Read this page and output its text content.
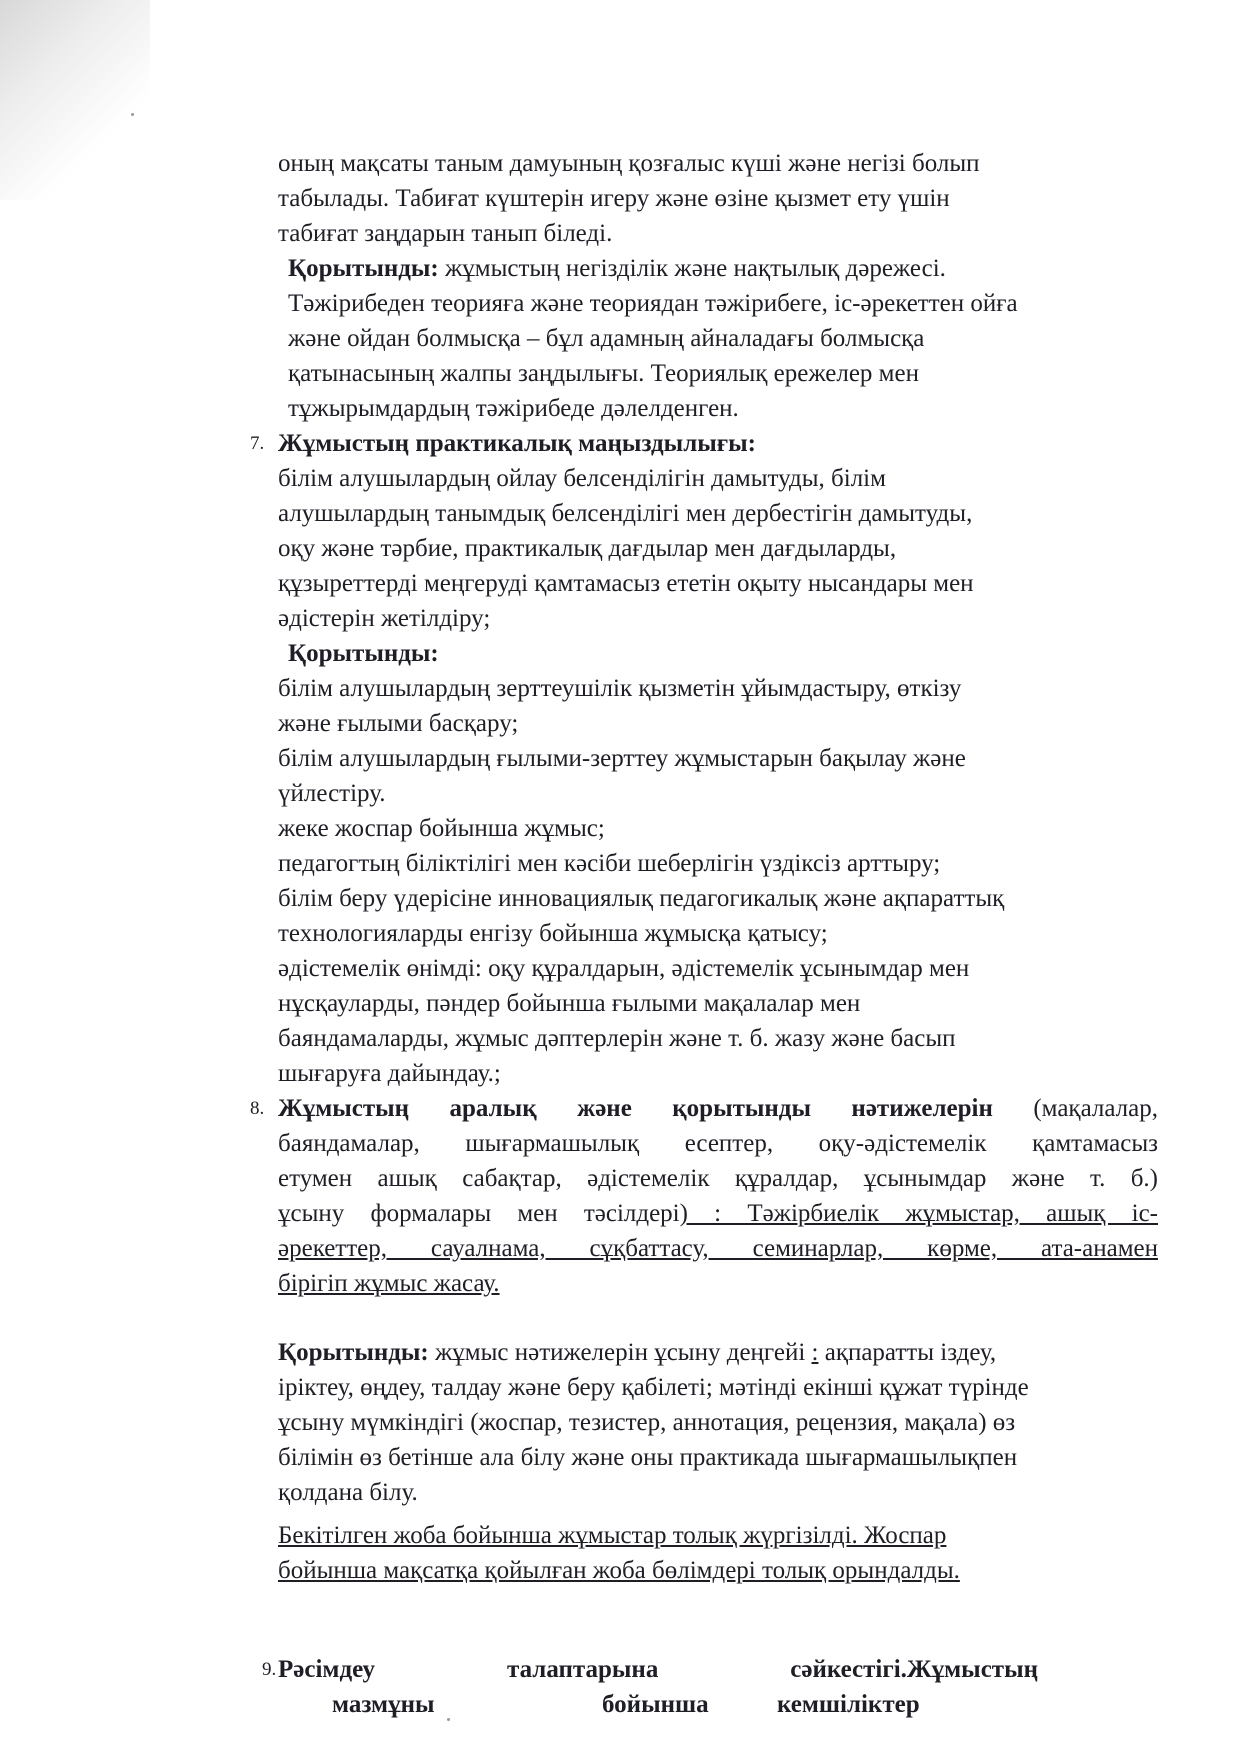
оның мақсаты таным дамуының қозғалыс күші және негізі болып

табылады. Табиғат күштерін игеру және өзіне қызмет ету үшін

табиғат заңдарын танып біледі.

Қорытынды: жұмыстың негізділік және нақтылық дәрежесі.

Тәжірибеден теорияға және теориядан тәжірибеге, іс-әрекеттен ойға

және ойдан болмысқа – бұл адамның айналадағы болмысқа

қатынасының жалпы заңдылығы. Теориялық ережелер мен

тұжырымдардың тәжірибеде дәлелденген.

7. Жұмыстың практикалық маңыздылығы:

білім алушылардың ойлау белсенділігін дамытуды, білім

алушылардың танымдық белсенділігі мен дербестігін дамытуды,

оқу және тәрбие, практикалық дағдылар мен дағдыларды,

құзыреттерді меңгеруді қамтамасыз ететін оқыту нысандары мен

әдістерін жетілдіру;

Қорытынды:

білім алушылардың зерттеушілік қызметін ұйымдастыру, өткізу

және ғылыми басқару;

білім алушылардың ғылыми-зерттеу жұмыстарын бақылау және

үйлестіру.

жеке жоспар бойынша жұмыс;

педагогтың біліктілігі мен кәсіби шеберлігін үздіксіз арттыру;

білім беру үдерісіне инновациялық педагогикалық және ақпараттық

технологияларды енгізу бойынша жұмысқа қатысу;

әдістемелік өнімді: оқу құралдарын, әдістемелік ұсынымдар мен

нұсқауларды, пәндер бойынша ғылыми мақалалар мен

баяндамаларды, жұмыс дәптерлерін және т. б. жазу және басып

шығаруға дайындау.;

8. Жұмыстың аралық және қорытынды нәтижелерін (мақалалар,

баяндамалар, шығармашылық есептер, оқу-әдістемелік қамтамасыз

етумен ашық сабақтар, әдістемелік құралдар, ұсынымдар және т. б.)

ұсыну формалары мен тәсілдері) : Тәжірбиелік жұмыстар, ашық іс-

әрекеттер, сауалнама, сұқбаттасу, семинарлар, көрме, ата-анамен

бірігіп жұмыс жасау.

Қорытынды: жұмыс нәтижелерін ұсыну деңгейі : ақпаратты іздеу,

іріктеу, өңдеу, талдау және беру қабілеті; мәтінді екінші құжат түрінде

ұсыну мүмкіндігі (жоспар, тезистер, аннотация, рецензия, мақала) өз

білімін өз бетінше ала білу және оны практикада шығармашылықпен

қолдана білу.

Бекітілген жоба бойынша жұмыстар толық жүргізілді. Жоспар

бойынша мақсатқа қойылған жоба бөлімдері толық орындалды.

9. Рәсімдеу	талаптарына	сәйкестігі.Жұмыстың
мазмұны	бойынша	кемшіліктер
